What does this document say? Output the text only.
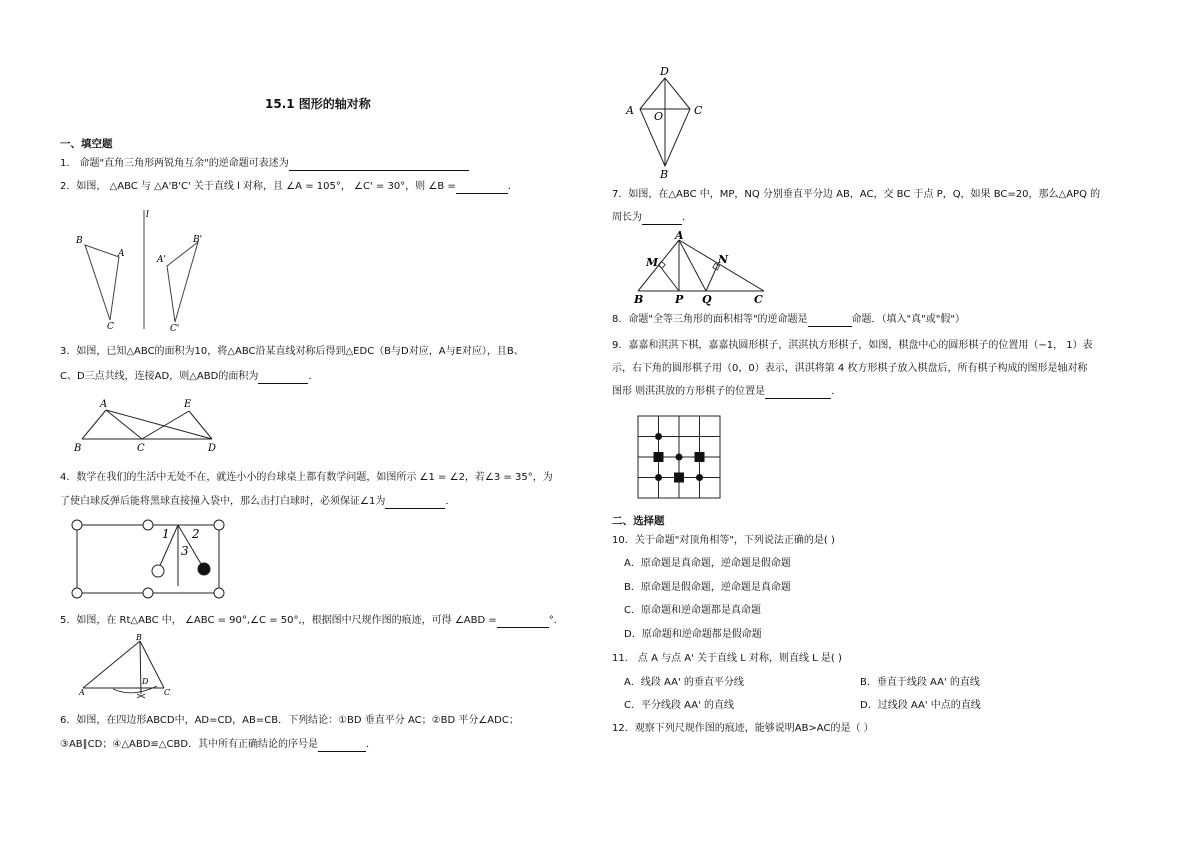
15.1 图形的轴对称
一、填空题
1． 命题"直角三角形两锐角互余"的逆命题可表述为
2．如图， △ABC 与 △A'B'C' 关于直线 l 对称，且 ∠A = 105°， ∠C' = 30°，则 ∠B =	．
B
A
C
l
B'
A'
C'
3．如图，已知△ABC的面积为10，将△ABC沿某直线对称后得到△EDC（B与D对应，A与E对应），且B、
C、D三点共线，连接AD，则△ABD的面积为	．
A	E
B	C	D
4．数学在我们的生活中无处不在，就连小小的台球桌上都有数学问题，如图所示 ∠1 = ∠2，若∠3 = 35°，为
了使白球反弹后能将黑球直接撞入袋中，那么击打白球时，必须保证∠1为	．
1 2
3
5．如图，在 Rt△ABC 中， ∠ABC = 90°,∠C = 50°,，根据图中尺规作图的痕迹，可得 ∠ABD =	°.
B
A
D
C
6．如图，在四边形ABCD中，AD=CD，AB=CB．下列结论：①BD 垂直平分 AC；②BD 平分∠ADC；
③AB∥CD；④△ABD≌△CBD．其中所有正确结论的序号是	．
D
A O	C
B
7．如图，在△ABC 中，MP，NQ 分别垂直平分边 AB，AC，交 BC 于点 P，Q，如果 BC=20，那么△APQ 的
周长为	．
A
M	N
B	P Q	C
8．命题"全等三角形的面积相等"的逆命题是	命题．（填入"真"或"假"）
9．嘉嘉和淇淇下棋，嘉嘉执圆形棋子，淇淇执方形棋子，如图，棋盘中心的圆形棋子的位置用（−1， 1）表
示，右下角的圆形棋子用（0，0）表示，淇淇将第 4 枚方形棋子放入棋盘后，所有棋子构成的图形是轴对称
图形 则淇淇放的方形棋子的位置是	．
二、选择题
10．关于命题"对顶角相等"，下列说法正确的是( )
A．原命题是真命题，逆命题是假命题
B．原命题是假命题，逆命题是真命题
C．原命题和逆命题都是真命题
D．原命题和逆命题都是假命题
11． 点 A 与点 A' 关于直线 L 对称，则直线 L 是( )
A．线段 AA' 的垂直平分线	B．垂直于线段 AA' 的直线
C．平分线段 AA' 的直线	D．过线段 AA' 中点的直线
12．观察下列尺规作图的痕迹，能够说明AB>AC的是（ ）
